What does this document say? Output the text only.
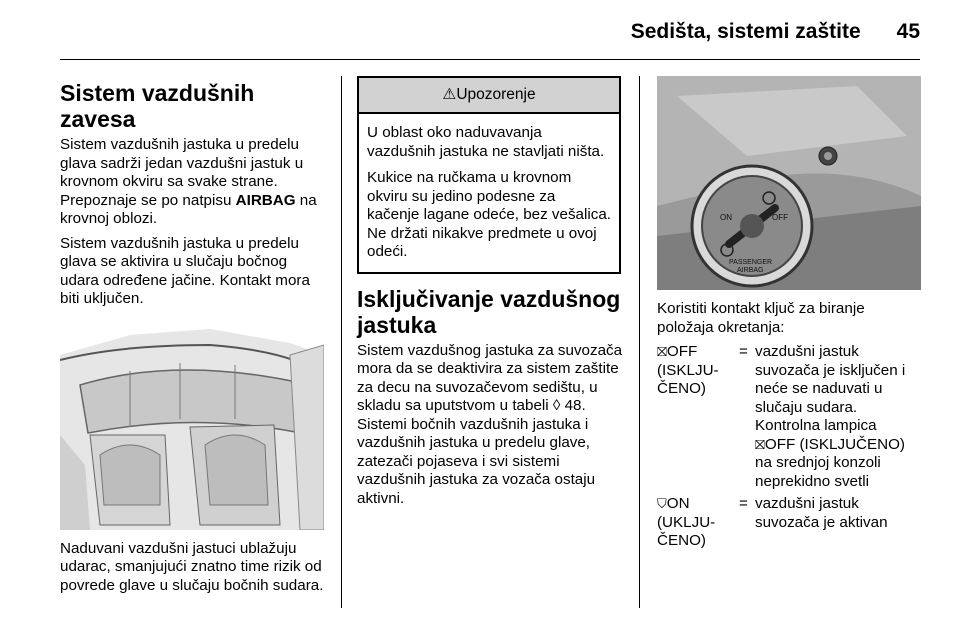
Sedišta, sistemi zaštite 45
Sistem vazdušnih zavesa

Sistem vazdušnih jastuka u predelu glava sadrži jedan vazdušni jastuk u krovnom okviru sa svake strane. Prepoznaje se po natpisu AIRBAG na krovnoj oblozi.

Sistem vazdušnih jastuka u predelu glava se aktivira u slučaju bočnog udara određene jačine. Kontakt mora biti uključen.

Naduvani vazdušni jastuci ublažuju udarac, smanjujući znatno time rizik od povrede glave u slučaju bočnih sudara.

⚠Upozorenje

U oblast oko naduvavanja vazdušnih jastuka ne stavljati ništa.

Kukice na ručkama u krovnom okviru su jedino podesne za kačenje lagane odeće, bez vešalica. Ne držati nikakve predmete u ovoj odeći.

Isključivanje vazdušnog jastuka

Sistem vazdušnog jastuka za suvozača mora da se deaktivira za sistem zaštite za decu na suvozačevom sedištu, u skladu sa uputstvom u tabeli ◊ 48. Sistemi bočnih vazdušnih jastuka i vazdušnih jastuka u predelu glave, zatezači pojaseva i svi sistemi vazdušnih jastuka za vozača ostaju aktivni.

ON	OFF
PASSENGER
AIRBAG

Koristiti kontakt ključ za biranje položaja okretanja:

⛝OFF (ISKLJU-ČENO)
= vazdušni jastuk suvozača je isključen i neće se naduvati u slučaju sudara. Kontrolna lampica ⛝OFF (ISKLJUČENO) na srednjoj konzoli neprekidno svetli
⛉ON (UKLJU-ČENO)
= vazdušni jastuk suvozača je aktivan
